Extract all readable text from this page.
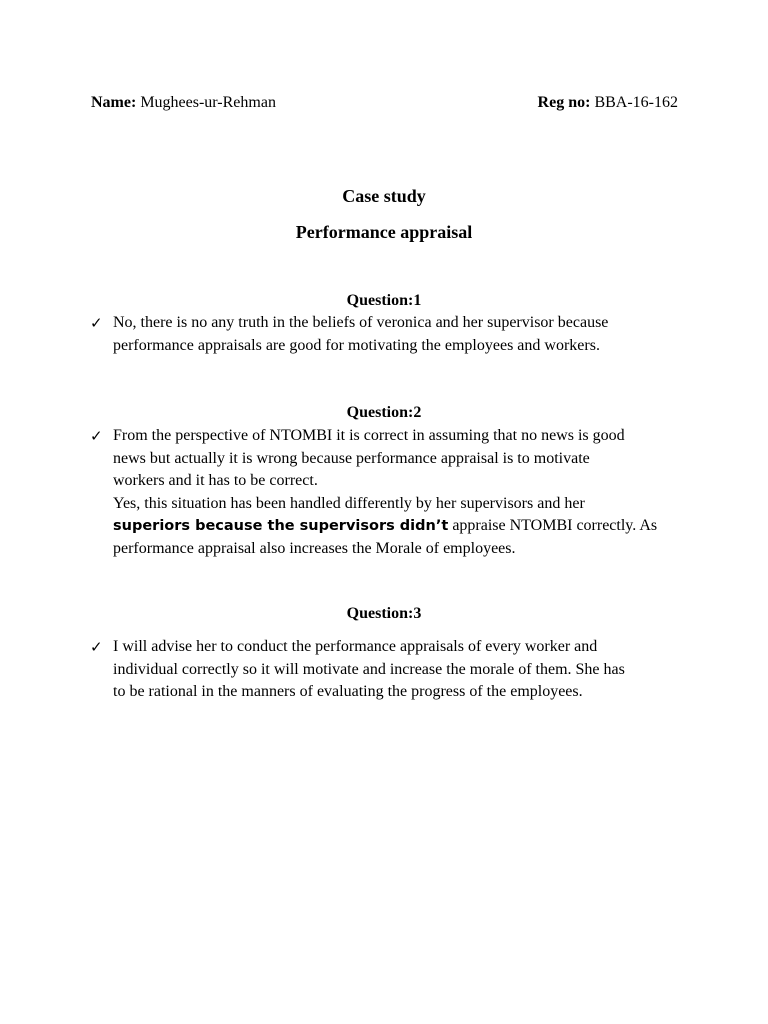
Name: Mughees-ur-Rehman	Reg no: BBA-16-162
Case study
Performance appraisal
Question:1
✓ No, there is no any truth in the beliefs of veronica and her supervisor because
performance appraisals are good for motivating the employees and workers.
Question:2
✓ From the perspective of NTOMBI it is correct in assuming that no news is good
news but actually it is wrong because performance appraisal is to motivate
workers and it has to be correct.
Yes, this situation has been handled differently by her supervisors and her
superiors because the supervisors didn’t appraise NTOMBI correctly. As
performance appraisal also increases the Morale of employees.
Question:3
✓ I will advise her to conduct the performance appraisals of every worker and
individual correctly so it will motivate and increase the morale of them. She has
to be rational in the manners of evaluating the progress of the employees.
